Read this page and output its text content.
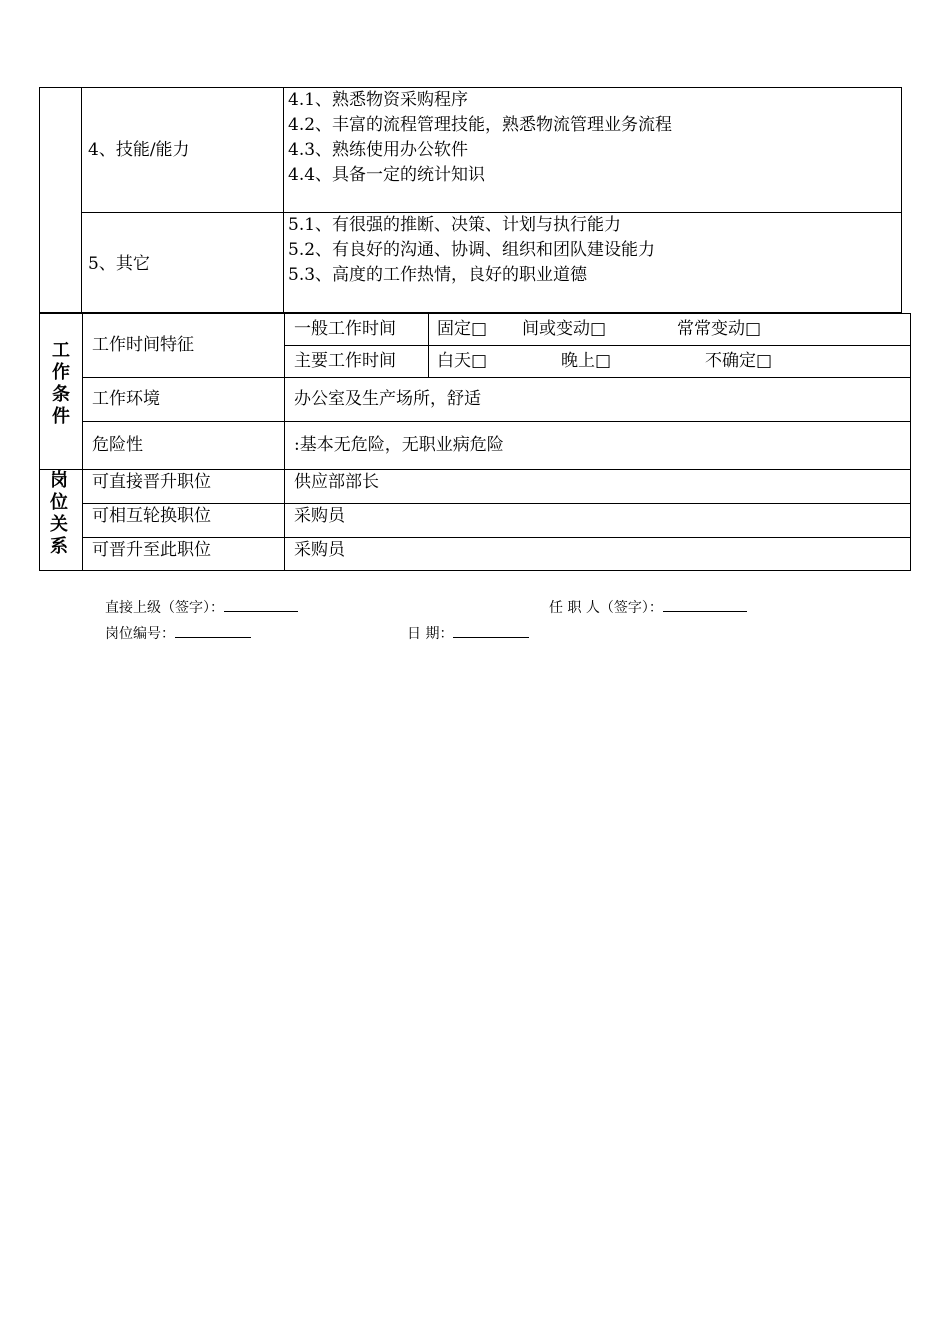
4、技能/能力
4.1、熟悉物资采购程序
4.2、丰富的流程管理技能，熟悉物流管理业务流程
4.3、熟练使用办公软件
4.4、具备一定的统计知识
5、其它
5.1、有很强的推断、决策、计划与执行能力
5.2、有良好的沟通、协调、组织和团队建设能力
5.3、高度的工作热情，良好的职业道德
工
作
条
件
工作时间特征
一般工作时间 固定□ 间或变动□	常常变动□
主要工作时间 白天□	晚上□	不确定□
工作环境	办公室及生产场所，舒适
危险性	:基本无危险，无职业病危险
岗
位
关
系
可直接晋升职位	供应部部长
可相互轮换职位	采购员
可晋升至此职位	采购员
直接上级（签字）：	任 职 人（签字）：
岗位编号：	日 期：
